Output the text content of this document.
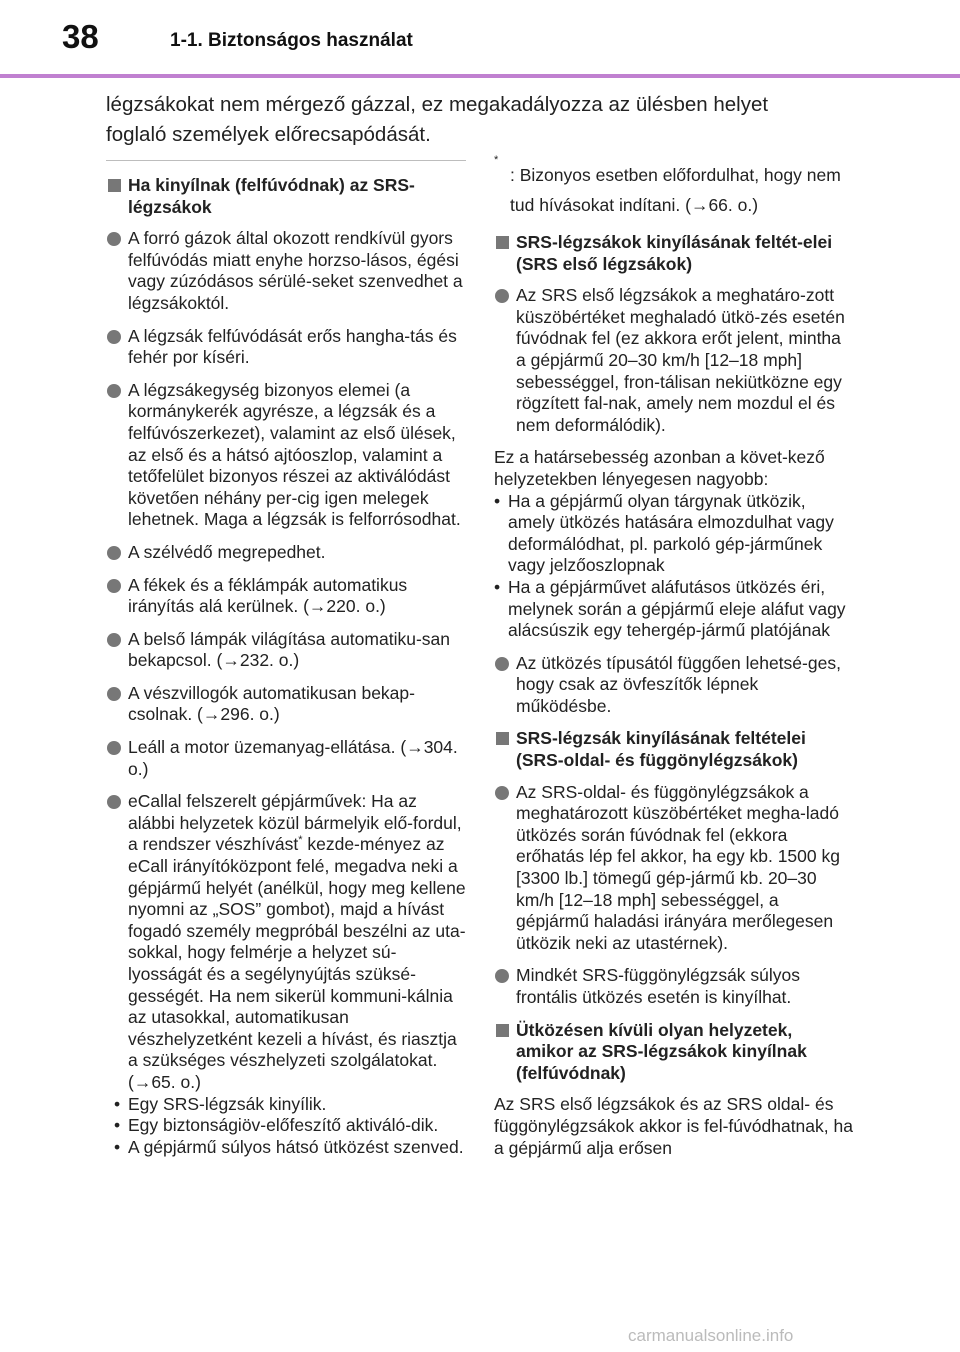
38	1-1. Biztonságos használat

légzsákokat nem mérgező gázzal, ez megakadályozza az ülésben helyet

foglaló személyek előrecsapódását.

Ha kinyílnak (felfúvódnak) az SRS-légzsákok
A forró gázok által okozott rendkívül gyors felfúvódás miatt enyhe horzso-lásos, égési vagy zúzódásos sérülé-seket szenvedhet a légzsákoktól.
A légzsák felfúvódását erős hangha-tás és fehér por kíséri.
A légzsákegység bizonyos elemei (a kormánykerék agyrésze, a légzsák és a felfúvószerkezet), valamint az első ülések, az első és a hátsó ajtóoszlop, valamint a tetőfelület bizonyos részei az aktiválódást követően néhány per-cig igen melegek lehetnek. Maga a légzsák is felforrósodhat.
A szélvédő megrepedhet.
A fékek és a féklámpák automatikus irányítás alá kerülnek. (→220. o.)
A belső lámpák világítása automatiku-san bekapcsol. (→232. o.)
A vészvillogók automatikusan bekap-csolnak. (→296. o.)
Leáll a motor üzemanyag-ellátása. (→304. o.)
eCallal felszerelt gépjárművek: Ha az alábbi helyzetek közül bármelyik elő-fordul, a rendszer vészhívást* kezde-ményez az eCall irányítóközpont felé, megadva neki a gépjármű helyét (anélkül, hogy meg kellene nyomni az „SOS” gombot), majd a hívást fogadó személy megpróbál beszélni az uta-sokkal, hogy felmérje a helyzet sú-lyosságát és a segélynyújtás szüksé-gességét. Ha nem sikerül kommuni-kálnia az utasokkal, automatikusan vészhelyzetként kezeli a hívást, és riasztja a szükséges vészhelyzeti szolgálatokat. (→65. o.)
• Egy SRS-légzsák kinyílik.
• Egy biztonságiöv-előfeszítő aktiváló-dik.
• A gépjármű súlyos hátsó ütközést szenved.
*
: Bizonyos esetben előfordulhat, hogy nem tud hívásokat indítani. (→66. o.)
SRS-légzsákok kinyílásának feltét-elei (SRS első légzsákok)
Az SRS első légzsákok a meghatáro-zott küszöbértéket meghaladó ütkö-zés esetén fúvódnak fel (ez akkora erőt jelent, mintha a gépjármű 20–30 km/h [12–18 mph] sebességgel, fron-tálisan nekiütközne egy rögzített fal-nak, amely nem mozdul el és nem deformálódik).
Ez a határsebesség azonban a követ-kező helyzetekben lényegesen nagyobb:
• Ha a gépjármű olyan tárgynak ütközik, amely ütközés hatására elmozdulhat vagy deformálódhat, pl. parkoló gép-járműnek vagy jelzőoszlopnak
• Ha a gépjárművet aláfutásos ütközés éri, melynek során a gépjármű eleje aláfut vagy alácsúszik egy tehergép-jármű platójának
Az ütközés típusától függően lehetsé-ges, hogy csak az övfeszítők lépnek működésbe.
SRS-légzsák kinyílásának feltételei (SRS-oldal- és függönylégzsákok)
Az SRS-oldal- és függönylégzsákok a meghatározott küszöbértéket megha-ladó ütközés során fúvódnak fel (ekkora erőhatás lép fel akkor, ha egy kb. 1500 kg [3300 lb.] tömegű gép-jármű kb. 20–30 km/h [12–18 mph] sebességgel, a gépjármű haladási irányára merőlegesen ütközik neki az utastérnek).
Mindkét SRS-függönylégzsák súlyos frontális ütközés esetén is kinyílhat.
Ütközésen kívüli olyan helyzetek, amikor az SRS-légzsákok kinyílnak (felfúvódnak)
Az SRS első légzsákok és az SRS oldal- és függönylégzsákok akkor is fel-fúvódhatnak, ha a gépjármű alja erősen
carmanualsonline.info
